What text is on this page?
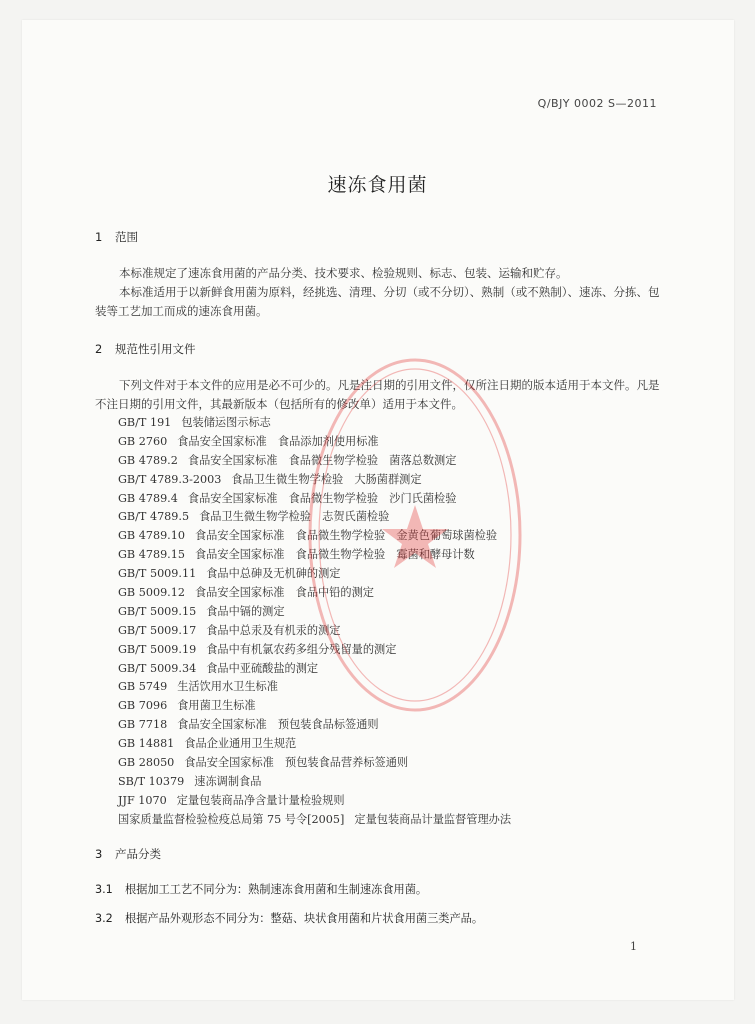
Q/BJY 0002 S—2011
速冻食用菌
1 范围
本标准规定了速冻食用菌的产品分类、技术要求、检验规则、标志、包装、运输和贮存。
本标准适用于以新鲜食用菌为原料，经挑选、清理、分切（或不分切）、熟制（或不熟制）、速冻、分拣、包装等工艺加工而成的速冻食用菌。
2 规范性引用文件
下列文件对于本文件的应用是必不可少的。凡是注日期的引用文件，仅所注日期的版本适用于本文件。凡是不注日期的引用文件，其最新版本（包括所有的修改单）适用于本文件。
GB/T 191 包装储运图示标志
GB 2760 食品安全国家标准　食品添加剂使用标准
GB 4789.2 食品安全国家标准　食品微生物学检验　菌落总数测定
GB/T 4789.3-2003 食品卫生微生物学检验　大肠菌群测定
GB 4789.4 食品安全国家标准　食品微生物学检验　沙门氏菌检验
GB/T 4789.5 食品卫生微生物学检验　志贺氏菌检验
GB 4789.10 食品安全国家标准　食品微生物学检验　金黄色葡萄球菌检验
GB 4789.15 食品安全国家标准　食品微生物学检验　霉菌和酵母计数
GB/T 5009.11 食品中总砷及无机砷的测定
GB 5009.12 食品安全国家标准　食品中铅的测定
GB/T 5009.15 食品中镉的测定
GB/T 5009.17 食品中总汞及有机汞的测定
GB/T 5009.19 食品中有机氯农药多组分残留量的测定
GB/T 5009.34 食品中亚硫酸盐的测定
GB 5749 生活饮用水卫生标准
GB 7096 食用菌卫生标准
GB 7718 食品安全国家标准　预包装食品标签通则
GB 14881 食品企业通用卫生规范
GB 28050 食品安全国家标准　预包装食品营养标签通则
SB/T 10379 速冻调制食品
JJF 1070 定量包装商品净含量计量检验规则
国家质量监督检验检疫总局第 75 号令[2005] 定量包装商品计量监督管理办法
3 产品分类
3.1 根据加工工艺不同分为：熟制速冻食用菌和生制速冻食用菌。
3.2 根据产品外观形态不同分为：整菇、块状食用菌和片状食用菌三类产品。
1
